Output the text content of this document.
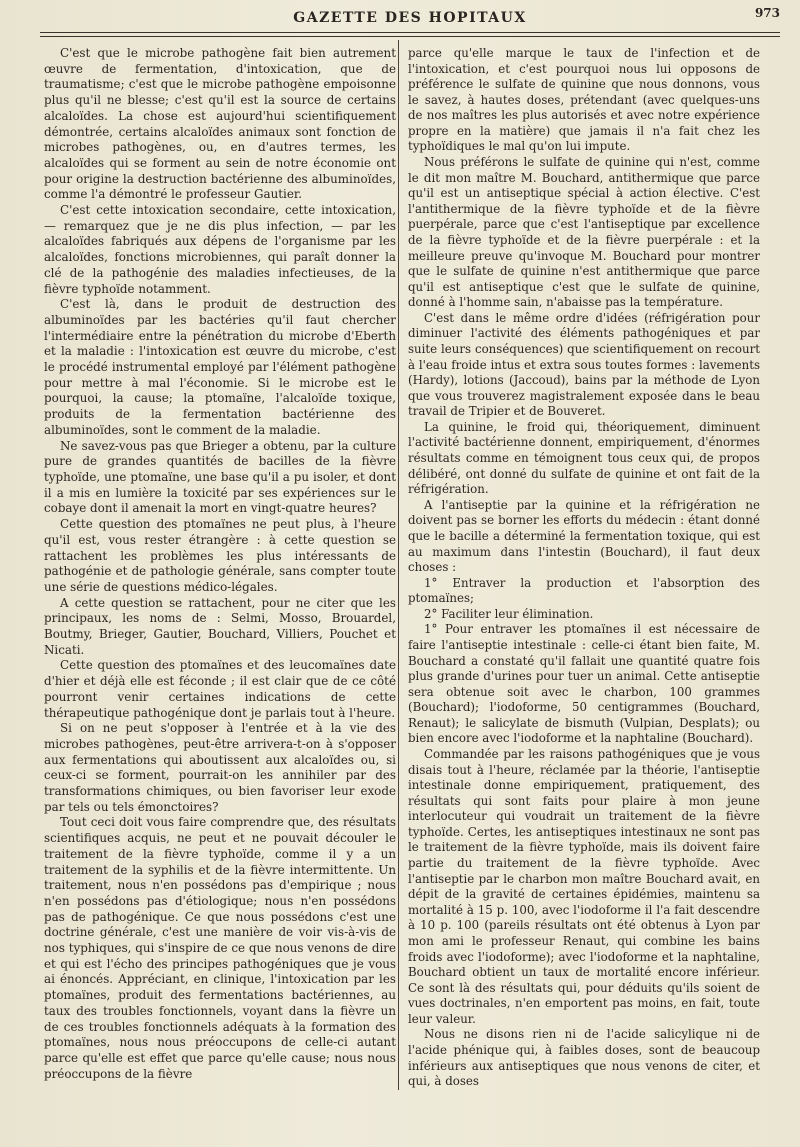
GAZETTE DES HOPITAUX	973

C'est que le microbe pathogène fait bien autrement œuvre de fermentation, d'intoxication, que de traumatisme; c'est que le microbe pathogène empoisonne plus qu'il ne blesse; c'est qu'il est la source de certains alcaloïdes. La chose est aujourd'hui scientifiquement démontrée, certains alcaloïdes animaux sont fonction de microbes pathogènes, ou, en d'autres termes, les alcaloïdes qui se forment au sein de notre économie ont pour origine la destruction bactérienne des albuminoïdes, comme l'a démontré le professeur Gautier.

C'est cette intoxication secondaire, cette intoxication, — remarquez que je ne dis plus infection, — par les alcaloïdes fabriqués aux dépens de l'organisme par les alcaloïdes, fonctions microbiennes, qui paraît donner la clé de la pathogénie des maladies infectieuses, de la fièvre typhoïde notamment.

C'est là, dans le produit de destruction des albuminoïdes par les bactéries qu'il faut chercher l'intermédiaire entre la pénétration du microbe d'Eberth et la maladie : l'intoxication est œuvre du microbe, c'est le procédé instrumental employé par l'élément pathogène pour mettre à mal l'économie. Si le microbe est le pourquoi, la cause; la ptomaïne, l'alcaloïde toxique, produits de la fermentation bactérienne des albuminoïdes, sont le comment de la maladie.

Ne savez-vous pas que Brieger a obtenu, par la culture pure de grandes quantités de bacilles de la fièvre typhoïde, une ptomaïne, une base qu'il a pu isoler, et dont il a mis en lumière la toxicité par ses expériences sur le cobaye dont il amenait la mort en vingt-quatre heures?

Cette question des ptomaïnes ne peut plus, à l'heure qu'il est, vous rester étrangère : à cette question se rattachent les problèmes les plus intéressants de pathogénie et de pathologie générale, sans compter toute une série de questions médico-légales.

A cette question se rattachent, pour ne citer que les principaux, les noms de : Selmi, Mosso, Brouardel, Boutmy, Brieger, Gautier, Bouchard, Villiers, Pouchet et Nicati.

Cette question des ptomaïnes et des leucomaïnes date d'hier et déjà elle est féconde ; il est clair que de ce côté pourront venir certaines indications de cette thérapeutique pathogénique dont je parlais tout à l'heure.

Si on ne peut s'opposer à l'entrée et à la vie des microbes pathogènes, peut-être arrivera-t-on à s'opposer aux fermentations qui aboutissent aux alcaloïdes ou, si ceux-ci se forment, pourrait-on les annihiler par des transformations chimiques, ou bien favoriser leur exode par tels ou tels émonctoires?

Tout ceci doit vous faire comprendre que, des résultats scientifiques acquis, ne peut et ne pouvait découler le traitement de la fièvre typhoïde, comme il y a un traitement de la syphilis et de la fièvre intermittente. Un traitement, nous n'en possédons pas d'empirique ; nous n'en possédons pas d'étiologique; nous n'en possédons pas de pathogénique. Ce que nous possédons c'est une doctrine générale, c'est une manière de voir vis-à-vis de nos typhiques, qui s'inspire de ce que nous venons de dire et qui est l'écho des principes pathogéniques que je vous ai énoncés. Appréciant, en clinique, l'intoxication par les ptomaïnes, produit des fermentations bactériennes, au taux des troubles fonctionnels, voyant dans la fièvre un de ces troubles fonctionnels adéquats à la formation des ptomaïnes, nous nous préoccupons de celle-ci autant parce qu'elle est effet que parce qu'elle cause; nous nous préoccupons de la fièvre

parce qu'elle marque le taux de l'infection et de l'intoxication, et c'est pourquoi nous lui opposons de préférence le sulfate de quinine que nous donnons, vous le savez, à hautes doses, prétendant (avec quelques-uns de nos maîtres les plus autorisés et avec notre expérience propre en la matière) que jamais il n'a fait chez les typhoïdiques le mal qu'on lui impute.

Nous préférons le sulfate de quinine qui n'est, comme le dit mon maître M. Bouchard, antithermique que parce qu'il est un antiseptique spécial à action élective. C'est l'antithermique de la fièvre typhoïde et de la fièvre puerpérale, parce que c'est l'antiseptique par excellence de la fièvre typhoïde et de la fièvre puerpérale : et la meilleure preuve qu'invoque M. Bouchard pour montrer que le sulfate de quinine n'est antithermique que parce qu'il est antiseptique c'est que le sulfate de quinine, donné à l'homme sain, n'abaisse pas la température.

C'est dans le même ordre d'idées (réfrigération pour diminuer l'activité des éléments pathogéniques et par suite leurs conséquences) que scientifiquement on recourt à l'eau froide intus et extra sous toutes formes : lavements (Hardy), lotions (Jaccoud), bains par la méthode de Lyon que vous trouverez magistralement exposée dans le beau travail de Tripier et de Bouveret.

La quinine, le froid qui, théoriquement, diminuent l'activité bactérienne donnent, empiriquement, d'énormes résultats comme en témoignent tous ceux qui, de propos délibéré, ont donné du sulfate de quinine et ont fait de la réfrigération.

A l'antiseptie par la quinine et la réfrigération ne doivent pas se borner les efforts du médecin : étant donné que le bacille a déterminé la fermentation toxique, qui est au maximum dans l'intestin (Bouchard), il faut deux choses :

1° Entraver la production et l'absorption des ptomaïnes;

2° Faciliter leur élimination.

1° Pour entraver les ptomaïnes il est nécessaire de faire l'antiseptie intestinale : celle-ci étant bien faite, M. Bouchard a constaté qu'il fallait une quantité quatre fois plus grande d'urines pour tuer un animal. Cette antiseptie sera obtenue soit avec le charbon, 100 grammes (Bouchard); l'iodoforme, 50 centigrammes (Bouchard, Renaut); le salicylate de bismuth (Vulpian, Desplats); ou bien encore avec l'iodoforme et la naphtaline (Bouchard).

Commandée par les raisons pathogéniques que je vous disais tout à l'heure, réclamée par la théorie, l'antiseptie intestinale donne empiriquement, pratiquement, des résultats qui sont faits pour plaire à mon jeune interlocuteur qui voudrait un traitement de la fièvre typhoïde. Certes, les antiseptiques intestinaux ne sont pas le traitement de la fièvre typhoïde, mais ils doivent faire partie du traitement de la fièvre typhoïde. Avec l'antiseptie par le charbon mon maître Bouchard avait, en dépit de la gravité de certaines épidémies, maintenu sa mortalité à 15 p. 100, avec l'iodoforme il l'a fait descendre à 10 p. 100 (pareils résultats ont été obtenus à Lyon par mon ami le professeur Renaut, qui combine les bains froids avec l'iodoforme); avec l'iodoforme et la naphtaline, Bouchard obtient un taux de mortalité encore inférieur. Ce sont là des résultats qui, pour déduits qu'ils soient de vues doctrinales, n'en emportent pas moins, en fait, toute leur valeur.

Nous ne disons rien ni de l'acide salicylique ni de l'acide phénique qui, à faibles doses, sont de beaucoup inférieurs aux antiseptiques que nous venons de citer, et qui, à doses
